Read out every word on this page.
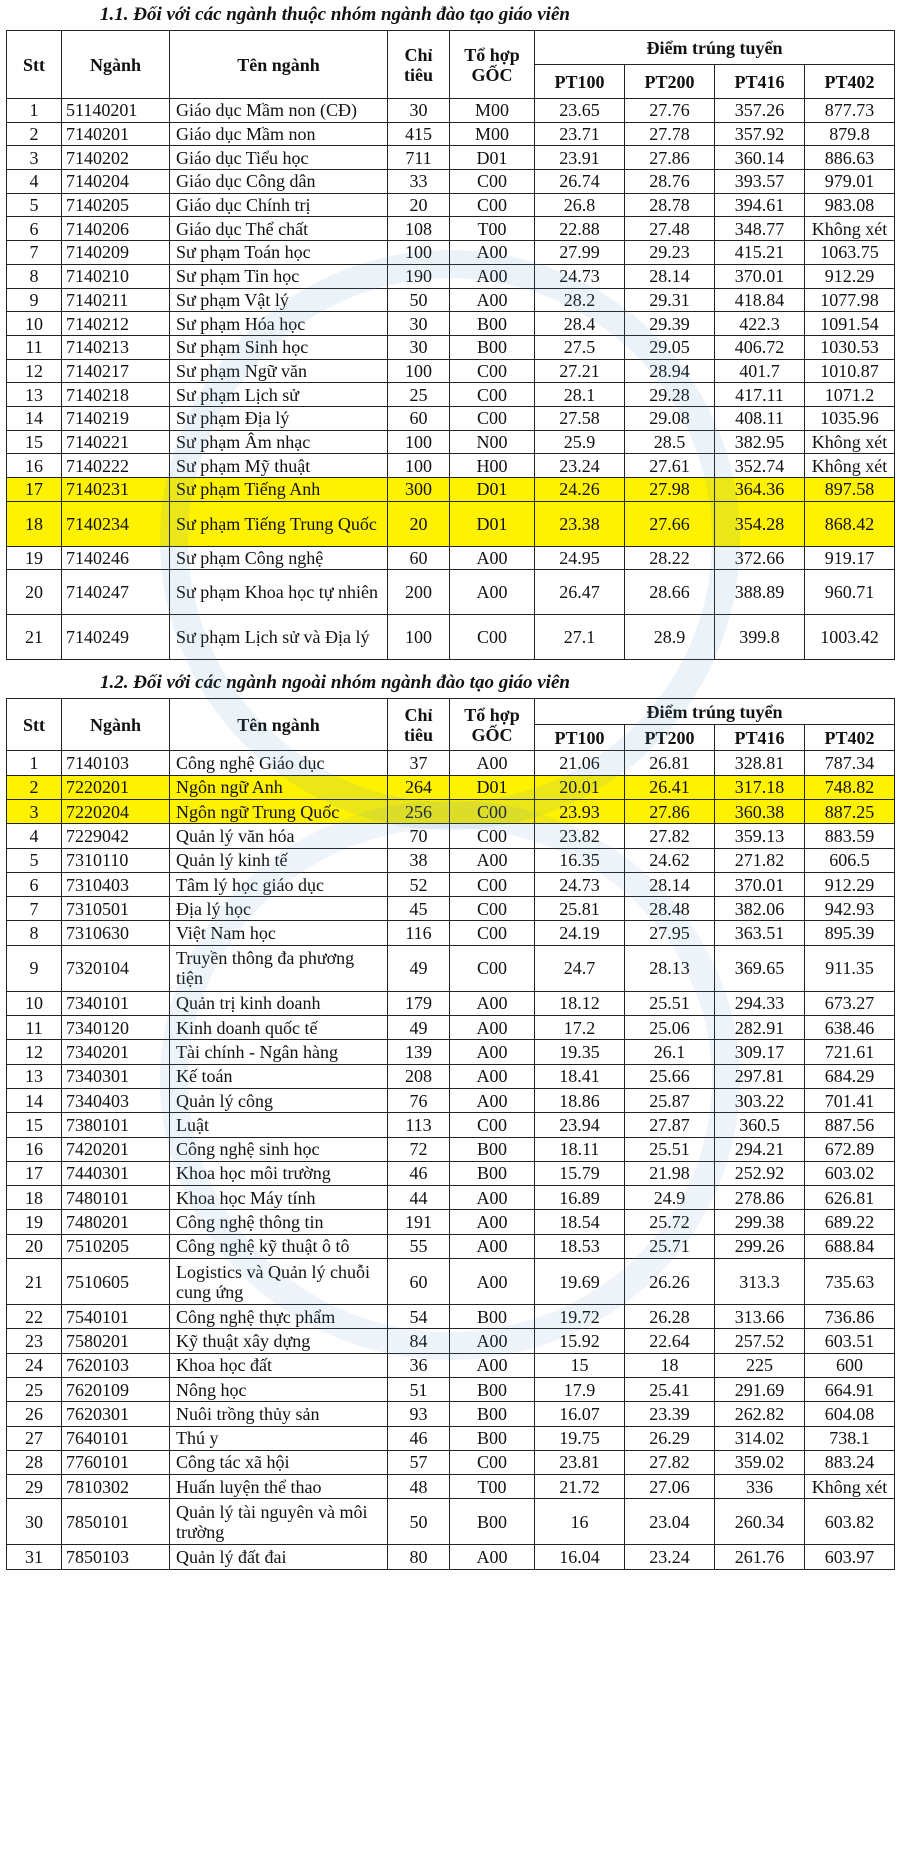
1.1. Đối với các ngành thuộc nhóm ngành đào tạo giáo viên
Stt	Ngành	Tên ngành	Chỉ tiêu	Tổ hợp GỐC	Điểm trúng tuyển			
					PT100	PT200	PT416	PT402
1	51140201	Giáo dục Mầm non (CĐ)	30	M00	23.65	27.76	357.26	877.73
2	7140201	Giáo dục Mầm non	415	M00	23.71	27.78	357.92	879.8
3	7140202	Giáo dục Tiểu học	711	D01	23.91	27.86	360.14	886.63
4	7140204	Giáo dục Công dân	33	C00	26.74	28.76	393.57	979.01
5	7140205	Giáo dục Chính trị	20	C00	26.8	28.78	394.61	983.08
6	7140206	Giáo dục Thể chất	108	T00	22.88	27.48	348.77	Không xét
7	7140209	Sư phạm Toán học	100	A00	27.99	29.23	415.21	1063.75
8	7140210	Sư phạm Tin học	190	A00	24.73	28.14	370.01	912.29
9	7140211	Sư phạm Vật lý	50	A00	28.2	29.31	418.84	1077.98
10	7140212	Sư phạm Hóa học	30	B00	28.4	29.39	422.3	1091.54
11	7140213	Sư phạm Sinh học	30	B00	27.5	29.05	406.72	1030.53
12	7140217	Sư phạm Ngữ văn	100	C00	27.21	28.94	401.7	1010.87
13	7140218	Sư phạm Lịch sử	25	C00	28.1	29.28	417.11	1071.2
14	7140219	Sư phạm Địa lý	60	C00	27.58	29.08	408.11	1035.96
15	7140221	Sư phạm Âm nhạc	100	N00	25.9	28.5	382.95	Không xét
16	7140222	Sư phạm Mỹ thuật	100	H00	23.24	27.61	352.74	Không xét
17	7140231	Sư phạm Tiếng Anh	300	D01	24.26	27.98	364.36	897.58
18	7140234	Sư phạm Tiếng Trung Quốc	20	D01	23.38	27.66	354.28	868.42
19	7140246	Sư phạm Công nghệ	60	A00	24.95	28.22	372.66	919.17
20	7140247	Sư phạm Khoa học tự nhiên	200	A00	26.47	28.66	388.89	960.71
21	7140249	Sư phạm Lịch sử và Địa lý	100	C00	27.1	28.9	399.8	1003.42
1.2. Đối với các ngành ngoài nhóm ngành đào tạo giáo viên
Stt	Ngành	Tên ngành	Chỉ tiêu	Tổ hợp GỐC	Điểm trúng tuyển			
					PT100	PT200	PT416	PT402
1	7140103	Công nghệ Giáo dục	37	A00	21.06	26.81	328.81	787.34
2	7220201	Ngôn ngữ Anh	264	D01	20.01	26.41	317.18	748.82
3	7220204	Ngôn ngữ Trung Quốc	256	C00	23.93	27.86	360.38	887.25
4	7229042	Quản lý văn hóa	70	C00	23.82	27.82	359.13	883.59
5	7310110	Quản lý kinh tế	38	A00	16.35	24.62	271.82	606.5
6	7310403	Tâm lý học giáo dục	52	C00	24.73	28.14	370.01	912.29
7	7310501	Địa lý học	45	C00	25.81	28.48	382.06	942.93
8	7310630	Việt Nam học	116	C00	24.19	27.95	363.51	895.39
9	7320104	Truyền thông đa phương tiện	49	C00	24.7	28.13	369.65	911.35
10	7340101	Quản trị kinh doanh	179	A00	18.12	25.51	294.33	673.27
11	7340120	Kinh doanh quốc tế	49	A00	17.2	25.06	282.91	638.46
12	7340201	Tài chính - Ngân hàng	139	A00	19.35	26.1	309.17	721.61
13	7340301	Kế toán	208	A00	18.41	25.66	297.81	684.29
14	7340403	Quản lý công	76	A00	18.86	25.87	303.22	701.41
15	7380101	Luật	113	C00	23.94	27.87	360.5	887.56
16	7420201	Công nghệ sinh học	72	B00	18.11	25.51	294.21	672.89
17	7440301	Khoa học môi trường	46	B00	15.79	21.98	252.92	603.02
18	7480101	Khoa học Máy tính	44	A00	16.89	24.9	278.86	626.81
19	7480201	Công nghệ thông tin	191	A00	18.54	25.72	299.38	689.22
20	7510205	Công nghệ kỹ thuật ô tô	55	A00	18.53	25.71	299.26	688.84
21	7510605	Logistics và Quản lý chuỗi cung ứng	60	A00	19.69	26.26	313.3	735.63
22	7540101	Công nghệ thực phẩm	54	B00	19.72	26.28	313.66	736.86
23	7580201	Kỹ thuật xây dựng	84	A00	15.92	22.64	257.52	603.51
24	7620103	Khoa học đất	36	A00	15	18	225	600
25	7620109	Nông học	51	B00	17.9	25.41	291.69	664.91
26	7620301	Nuôi trồng thủy sản	93	B00	16.07	23.39	262.82	604.08
27	7640101	Thú y	46	B00	19.75	26.29	314.02	738.1
28	7760101	Công tác xã hội	57	C00	23.81	27.82	359.02	883.24
29	7810302	Huấn luyện thể thao	48	T00	21.72	27.06	336	Không xét
30	7850101	Quản lý tài nguyên và môi trường	50	B00	16	23.04	260.34	603.82
31	7850103	Quản lý đất đai	80	A00	16.04	23.24	261.76	603.97
